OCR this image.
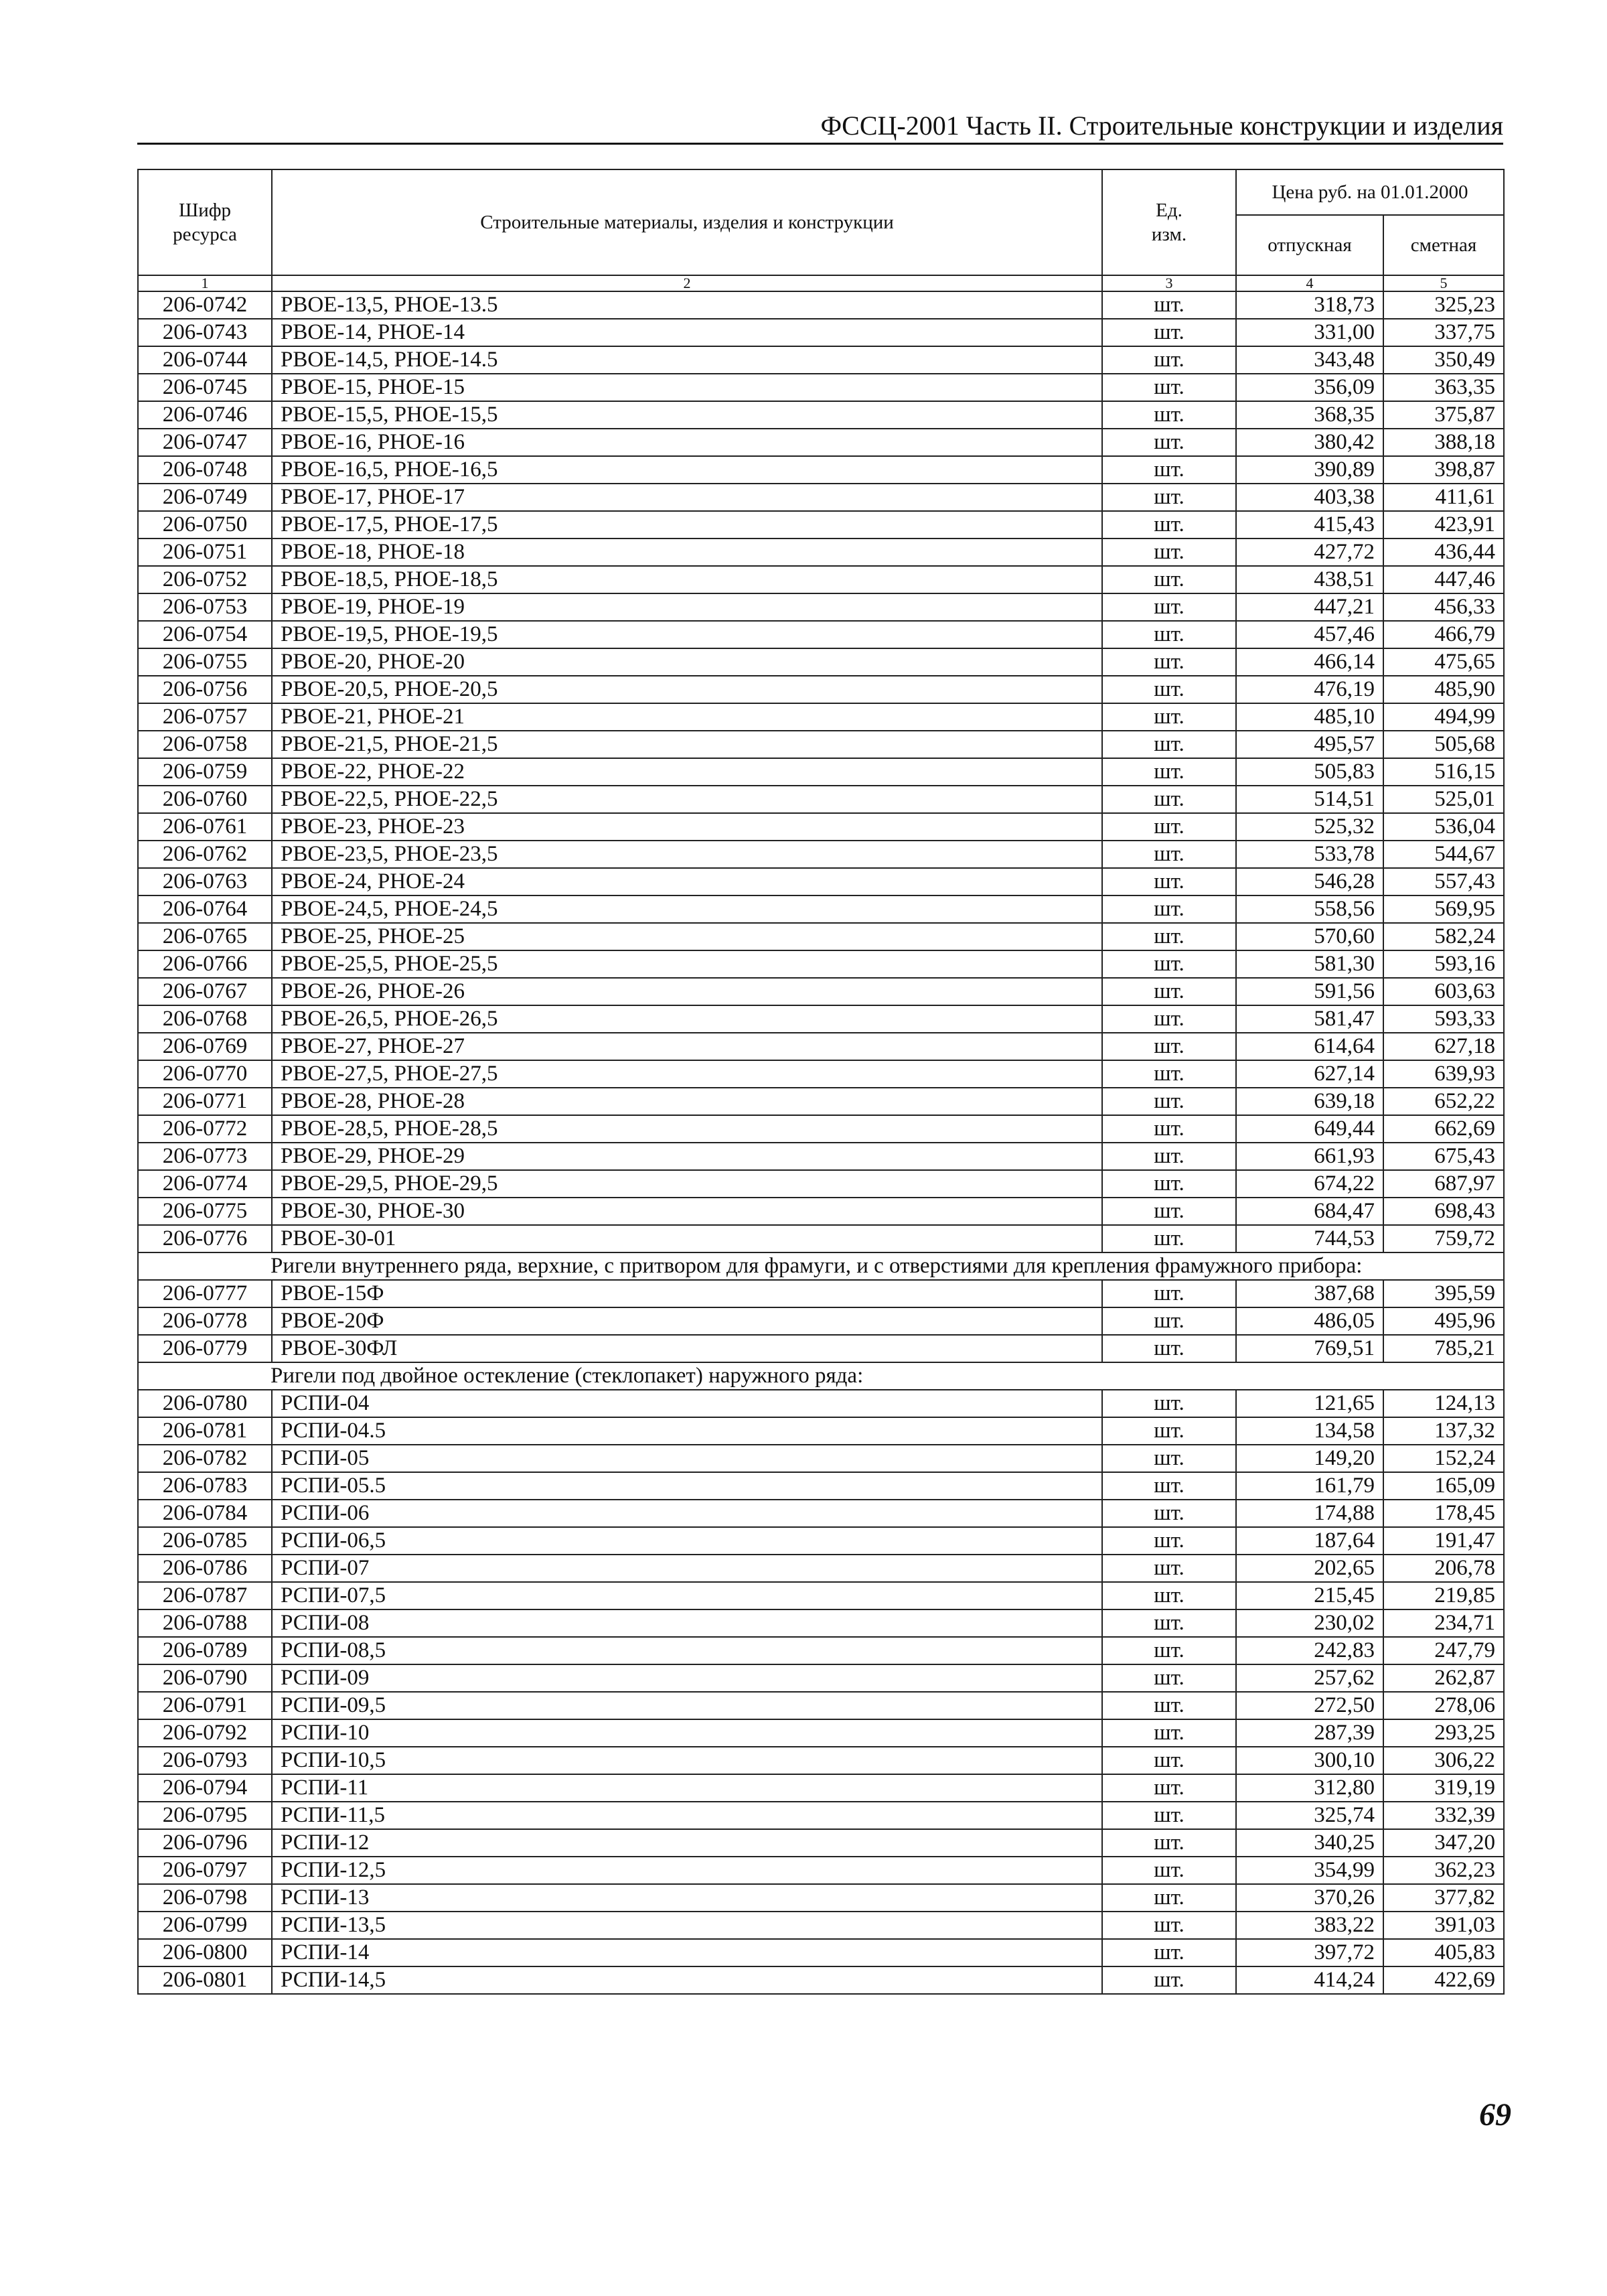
ФССЦ-2001 Часть II. Строительные конструкции и изделия
Шифр ресурса	Строительные материалы, изделия и конструкции	Ед. изм.	Цена руб. на 01.01.2000	
			отпускная	сметная
1	2	3	4	5
206-0742	РВОЕ-13,5, РНОЕ-13.5	шт.	318,73	325,23
206-0743	РВОЕ-14, РНОЕ-14	шт.	331,00	337,75
206-0744	РВОЕ-14,5, РНОЕ-14.5	шт.	343,48	350,49
206-0745	РВОЕ-15, РНОЕ-15	шт.	356,09	363,35
206-0746	РВОЕ-15,5, РНОЕ-15,5	шт.	368,35	375,87
206-0747	РВОЕ-16, РНОЕ-16	шт.	380,42	388,18
206-0748	РВОЕ-16,5, РНОЕ-16,5	шт.	390,89	398,87
206-0749	РВОЕ-17, РНОЕ-17	шт.	403,38	411,61
206-0750	РВОЕ-17,5, РНОЕ-17,5	шт.	415,43	423,91
206-0751	РВОЕ-18, РНОЕ-18	шт.	427,72	436,44
206-0752	РВОЕ-18,5, РНОЕ-18,5	шт.	438,51	447,46
206-0753	РВОЕ-19, РНОЕ-19	шт.	447,21	456,33
206-0754	РВОЕ-19,5, РНОЕ-19,5	шт.	457,46	466,79
206-0755	РВОЕ-20, РНОЕ-20	шт.	466,14	475,65
206-0756	РВОЕ-20,5, РНОЕ-20,5	шт.	476,19	485,90
206-0757	РВОЕ-21, РНОЕ-21	шт.	485,10	494,99
206-0758	РВОЕ-21,5, РНОЕ-21,5	шт.	495,57	505,68
206-0759	РВОЕ-22, РНОЕ-22	шт.	505,83	516,15
206-0760	РВОЕ-22,5, РНОЕ-22,5	шт.	514,51	525,01
206-0761	РВОЕ-23, РНОЕ-23	шт.	525,32	536,04
206-0762	РВОЕ-23,5, РНОЕ-23,5	шт.	533,78	544,67
206-0763	РВОЕ-24, РНОЕ-24	шт.	546,28	557,43
206-0764	РВОЕ-24,5, РНОЕ-24,5	шт.	558,56	569,95
206-0765	РВОЕ-25, РНОЕ-25	шт.	570,60	582,24
206-0766	РВОЕ-25,5, РНОЕ-25,5	шт.	581,30	593,16
206-0767	РВОЕ-26, РНОЕ-26	шт.	591,56	603,63
206-0768	РВОЕ-26,5, РНОЕ-26,5	шт.	581,47	593,33
206-0769	РВОЕ-27, РНОЕ-27	шт.	614,64	627,18
206-0770	РВОЕ-27,5, РНОЕ-27,5	шт.	627,14	639,93
206-0771	РВОЕ-28, РНОЕ-28	шт.	639,18	652,22
206-0772	РВОЕ-28,5, РНОЕ-28,5	шт.	649,44	662,69
206-0773	РВОЕ-29, РНОЕ-29	шт.	661,93	675,43
206-0774	РВОЕ-29,5, РНОЕ-29,5	шт.	674,22	687,97
206-0775	РВОЕ-30, РНОЕ-30	шт.	684,47	698,43
206-0776	РВОЕ-30-01	шт.	744,53	759,72
Ригели внутреннего ряда, верхние, с притвором для фрамуги, и с отверстиями для крепления фрамужного прибора:				
206-0777	РВОЕ-15Ф	шт.	387,68	395,59
206-0778	РВОЕ-20Ф	шт.	486,05	495,96
206-0779	РВОЕ-30ФЛ	шт.	769,51	785,21
Ригели под двойное остекление (стеклопакет) наружного ряда:				
206-0780	РСПИ-04	шт.	121,65	124,13
206-0781	РСПИ-04.5	шт.	134,58	137,32
206-0782	РСПИ-05	шт.	149,20	152,24
206-0783	РСПИ-05.5	шт.	161,79	165,09
206-0784	РСПИ-06	шт.	174,88	178,45
206-0785	РСПИ-06,5	шт.	187,64	191,47
206-0786	РСПИ-07	шт.	202,65	206,78
206-0787	РСПИ-07,5	шт.	215,45	219,85
206-0788	РСПИ-08	шт.	230,02	234,71
206-0789	РСПИ-08,5	шт.	242,83	247,79
206-0790	РСПИ-09	шт.	257,62	262,87
206-0791	РСПИ-09,5	шт.	272,50	278,06
206-0792	РСПИ-10	шт.	287,39	293,25
206-0793	РСПИ-10,5	шт.	300,10	306,22
206-0794	РСПИ-11	шт.	312,80	319,19
206-0795	РСПИ-11,5	шт.	325,74	332,39
206-0796	РСПИ-12	шт.	340,25	347,20
206-0797	РСПИ-12,5	шт.	354,99	362,23
206-0798	РСПИ-13	шт.	370,26	377,82
206-0799	РСПИ-13,5	шт.	383,22	391,03
206-0800	РСПИ-14	шт.	397,72	405,83
206-0801	РСПИ-14,5	шт.	414,24	422,69
69
